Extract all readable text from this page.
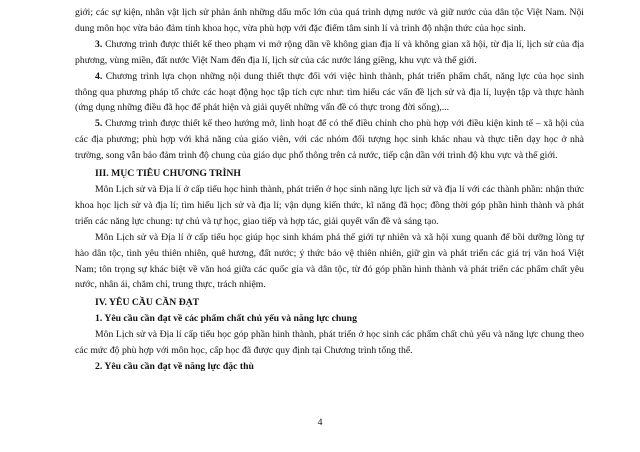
giới; các sự kiện, nhân vật lịch sử phản ánh những dấu mốc lớn của quá trình dựng nước và giữ nước của dân tộc Việt Nam. Nội dung môn học vừa bảo đảm tính khoa học, vừa phù hợp với đặc điểm tâm sinh lí và trình độ nhận thức của học sinh.

3. Chương trình được thiết kế theo phạm vi mở rộng dần về không gian địa lí và không gian xã hội, từ địa lí, lịch sử của địa phương, vùng miền, đất nước Việt Nam đến địa lí, lịch sử của các nước láng giềng, khu vực và thế giới.

4. Chương trình lựa chọn những nội dung thiết thực đối với việc hình thành, phát triển phẩm chất, năng lực của học sinh thông qua phương pháp tổ chức các hoạt động học tập tích cực như: tìm hiểu các vấn đề lịch sử và địa lí, luyện tập và thực hành (ứng dụng những điều đã học để phát hiện và giải quyết những vấn đề có thực trong đời sống),...

5. Chương trình được thiết kế theo hướng mở, linh hoạt để có thể điều chỉnh cho phù hợp với điều kiện kinh tế – xã hội của các địa phương; phù hợp với khả năng của giáo viên, với các nhóm đối tượng học sinh khác nhau và thực tiễn dạy học ở nhà trường, song vẫn bảo đảm trình độ chung của giáo dục phổ thông trên cả nước, tiếp cận dần với trình độ khu vực và thế giới.

III. MỤC TIÊU CHƯƠNG TRÌNH

Môn Lịch sử và Địa lí ở cấp tiểu học hình thành, phát triển ở học sinh năng lực lịch sử và địa lí với các thành phần: nhận thức khoa học lịch sử và địa lí; tìm hiểu lịch sử và địa lí; vận dụng kiến thức, kĩ năng đã học; đồng thời góp phần hình thành và phát triển các năng lực chung: tự chủ và tự học, giao tiếp và hợp tác, giải quyết vấn đề và sáng tạo.

Môn Lịch sử và Địa lí ở cấp tiểu học giúp học sinh khám phá thế giới tự nhiên và xã hội xung quanh để bồi dưỡng lòng tự hào dân tộc, tình yêu thiên nhiên, quê hương, đất nước; ý thức bảo vệ thiên nhiên, giữ gìn và phát triển các giá trị văn hoá Việt Nam; tôn trọng sự khác biệt về văn hoá giữa các quốc gia và dân tộc, từ đó góp phần hình thành và phát triển các phẩm chất yêu nước, nhân ái, chăm chỉ, trung thực, trách nhiệm.

IV. YÊU CẦU CẦN ĐẠT

1. Yêu cầu cần đạt về các phẩm chất chủ yếu và năng lực chung

Môn Lịch sử và Địa lí cấp tiểu học góp phần hình thành, phát triển ở học sinh các phẩm chất chủ yếu và năng lực chung theo các mức độ phù hợp với môn học, cấp học đã được quy định tại Chương trình tổng thể.

2. Yêu cầu cần đạt về năng lực đặc thù

4
